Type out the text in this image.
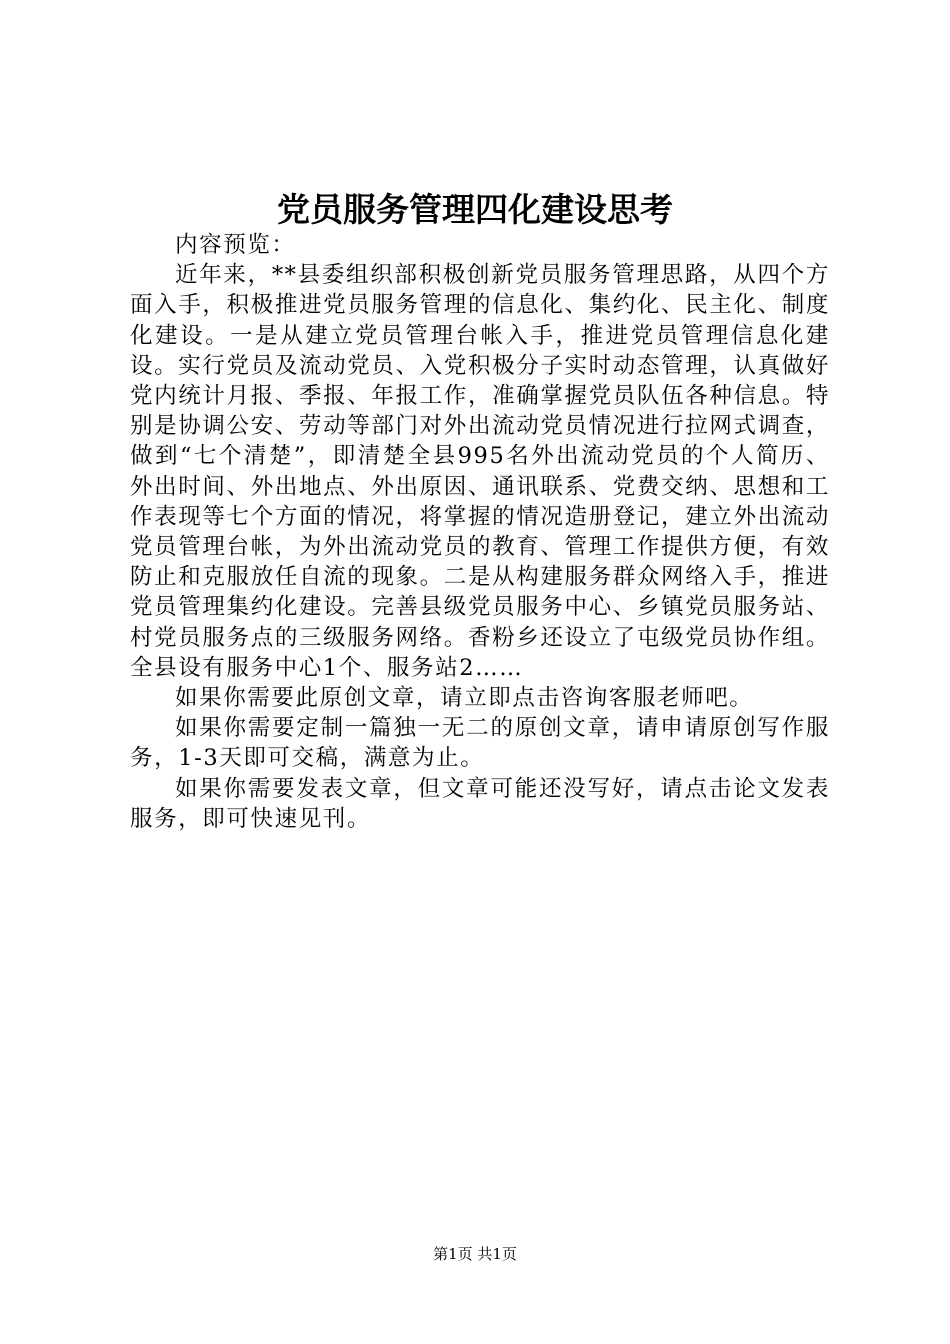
党员服务管理四化建设思考

内容预览：

近年来，**县委组织部积极创新党员服务管理思路，从四个方面入手，积极推进党员服务管理的信息化、集约化、民主化、制度化建设。一是从建立党员管理台帐入手，推进党员管理信息化建设。实行党员及流动党员、入党积极分子实时动态管理，认真做好党内统计月报、季报、年报工作，准确掌握党员队伍各种信息。特别是协调公安、劳动等部门对外出流动党员情况进行拉网式调查，做到“七个清楚”，即清楚全县995名外出流动党员的个人简历、外出时间、外出地点、外出原因、通讯联系、党费交纳、思想和工作表现等七个方面的情况，将掌握的情况造册登记，建立外出流动党员管理台帐，为外出流动党员的教育、管理工作提供方便，有效防止和克服放任自流的现象。二是从构建服务群众网络入手，推进党员管理集约化建设。完善县级党员服务中心、乡镇党员服务站、村党员服务点的三级服务网络。香粉乡还设立了屯级党员协作组。全县设有服务中心1个、服务站2……

如果你需要此原创文章，请立即点击咨询客服老师吧。

如果你需要定制一篇独一无二的原创文章，请申请原创写作服务，1-3天即可交稿，满意为止。

如果你需要发表文章，但文章可能还没写好，请点击论文发表服务，即可快速见刊。

第1页 共1页
